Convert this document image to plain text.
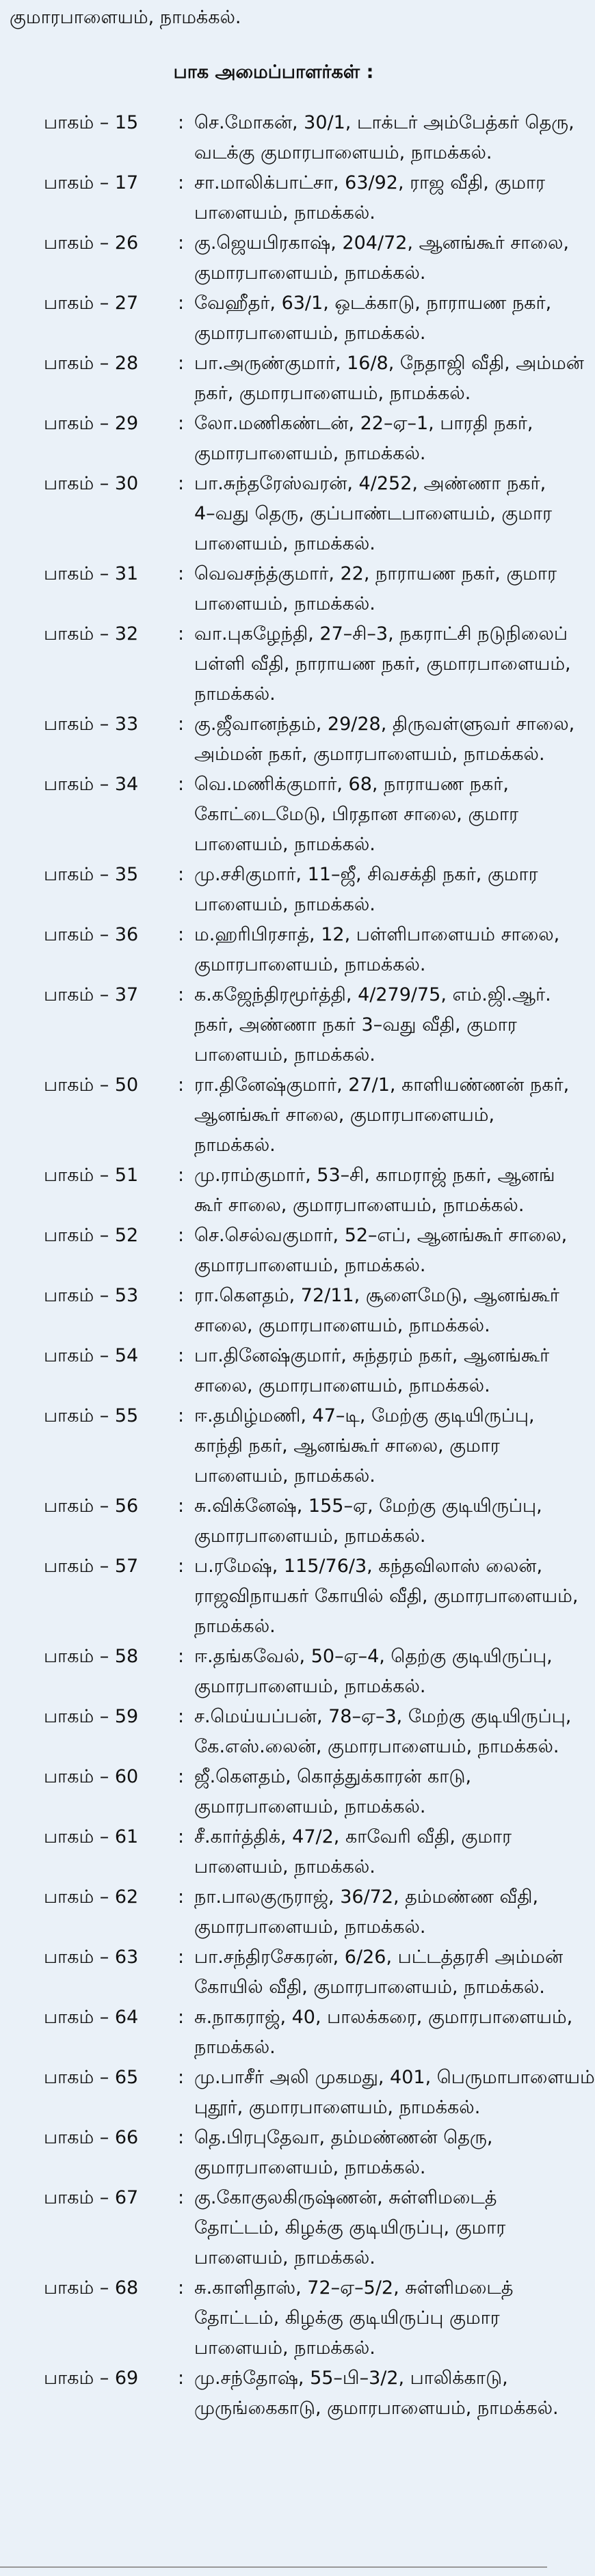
குமாரபாளையம், நாமக்கல்.
பாக அமைப்பாளர்கள் :
பாகம் – 15	: செ.மோகன், 30/1, டாக்டர் அம்பேத்கர் தெரு,
வடக்கு குமாரபாளையம், நாமக்கல்.
பாகம் – 17	: சா.மாலிக்பாட்சா, 63/92, ராஜ வீதி, குமார
பாளையம், நாமக்கல்.
பாகம் – 26	: கு.ஜெயபிரகாஷ், 204/72, ஆனங்கூர் சாலை,
குமாரபாளையம், நாமக்கல்.
பாகம் – 27	: வேஹீதர், 63/1, ஒடக்காடு, நாராயண நகர்,
குமாரபாளையம், நாமக்கல்.
பாகம் – 28	: பா.அருண்குமார், 16/8, நேதாஜி வீதி, அம்மன்
நகர், குமாரபாளையம், நாமக்கல்.
பாகம் – 29	: லோ.மணிகண்டன், 22–ஏ–1, பாரதி நகர்,
குமாரபாளையம், நாமக்கல்.
பாகம் – 30	: பா.சுந்தரேஸ்வரன், 4/252, அண்ணா நகர்,
4–வது தெரு, குப்பாண்டபாளையம், குமார
பாளையம், நாமக்கல்.
பாகம் – 31	: வெவசந்த்குமார், 22, நாராயண நகர், குமார
பாளையம், நாமக்கல்.
பாகம் – 32	: வா.புகழேந்தி, 27–சி–3, நகராட்சி நடுநிலைப்
பள்ளி வீதி, நாராயண நகர், குமாரபாளையம்,
நாமக்கல்.
பாகம் – 33	: கு.ஜீவானந்தம், 29/28, திருவள்ளுவர் சாலை,
அம்மன் நகர், குமாரபாளையம், நாமக்கல்.
பாகம் – 34	: வெ.மணிக்குமார், 68, நாராயண நகர்,
கோட்டைமேடு, பிரதான சாலை, குமார
பாளையம், நாமக்கல்.
பாகம் – 35	: மு.சசிகுமார், 11–ஜீ, சிவசக்தி நகர், குமார
பாளையம், நாமக்கல்.
பாகம் – 36	: ம.ஹரிபிரசாத், 12, பள்ளிபாளையம் சாலை,
குமாரபாளையம், நாமக்கல்.
பாகம் – 37	: க.கஜேந்திரமூர்த்தி, 4/279/75, எம்.ஜி.ஆர்.
நகர், அண்ணா நகர் 3–வது வீதி, குமார
பாளையம், நாமக்கல்.
பாகம் – 50	: ரா.தினேஷ்குமார், 27/1, காளியண்ணன் நகர்,
ஆனங்கூர் சாலை, குமாரபாளையம்,
நாமக்கல்.
பாகம் – 51	: மு.ராம்குமார், 53–சி, காமராஜ் நகர், ஆனங்
கூர் சாலை, குமாரபாளையம், நாமக்கல்.
பாகம் – 52	: செ.செல்வகுமார், 52–எப், ஆனங்கூர் சாலை,
குமாரபாளையம், நாமக்கல்.
பாகம் – 53	: ரா.கௌதம், 72/11, சூளைமேடு, ஆனங்கூர்
சாலை, குமாரபாளையம், நாமக்கல்.
பாகம் – 54	: பா.தினேஷ்குமார், சுந்தரம் நகர், ஆனங்கூர்
சாலை, குமாரபாளையம், நாமக்கல்.
பாகம் – 55	: ஈ.தமிழ்மணி, 47–டி, மேற்கு குடியிருப்பு,
காந்தி நகர், ஆனங்கூர் சாலை, குமார
பாளையம், நாமக்கல்.
பாகம் – 56	: சு.விக்னேஷ், 155–ஏ, மேற்கு குடியிருப்பு,
குமாரபாளையம், நாமக்கல்.
பாகம் – 57	: ப.ரமேஷ், 115/76/3, கந்தவிலாஸ் லைன்,
ராஜவிநாயகர் கோயில் வீதி, குமாரபாளையம்,
நாமக்கல்.
பாகம் – 58	: ஈ.தங்கவேல், 50–ஏ–4, தெற்கு குடியிருப்பு,
குமாரபாளையம், நாமக்கல்.
பாகம் – 59	: ச.மெய்யப்பன், 78–ஏ–3, மேற்கு குடியிருப்பு,
கே.எஸ்.லைன், குமாரபாளையம், நாமக்கல்.
பாகம் – 60	: ஜீ.கௌதம், கொத்துக்காரன் காடு,
குமாரபாளையம், நாமக்கல்.
பாகம் – 61	: சீ.கார்த்திக், 47/2, காவேரி வீதி, குமார
பாளையம், நாமக்கல்.
பாகம் – 62	: நா.பாலகுருராஜ், 36/72, தம்மண்ண வீதி,
குமாரபாளையம், நாமக்கல்.
பாகம் – 63	: பா.சந்திரசேகரன், 6/26, பட்டத்தரசி அம்மன்
கோயில் வீதி, குமாரபாளையம், நாமக்கல்.
பாகம் – 64	: சு.நாகராஜ், 40, பாலக்கரை, குமாரபாளையம்,
நாமக்கல்.
பாகம் – 65	: மு.பாசீர் அலி முகமது, 401, பெருமாபாளையம்
புதூர், குமாரபாளையம், நாமக்கல்.
பாகம் – 66	: தெ.பிரபுதேவா, தம்மண்ணன் தெரு,
குமாரபாளையம், நாமக்கல்.
பாகம் – 67	: கு.கோகுலகிருஷ்ணன், சுள்ளிமடைத்
தோட்டம், கிழக்கு குடியிருப்பு, குமார
பாளையம், நாமக்கல்.
பாகம் – 68	: சு.காளிதாஸ், 72–ஏ–5/2, சுள்ளிமடைத்
தோட்டம், கிழக்கு குடியிருப்பு குமார
பாளையம், நாமக்கல்.
பாகம் – 69	: மு.சந்தோஷ், 55–பி–3/2, பாலிக்காடு,
முருங்கைகாடு, குமாரபாளையம், நாமக்கல்.
